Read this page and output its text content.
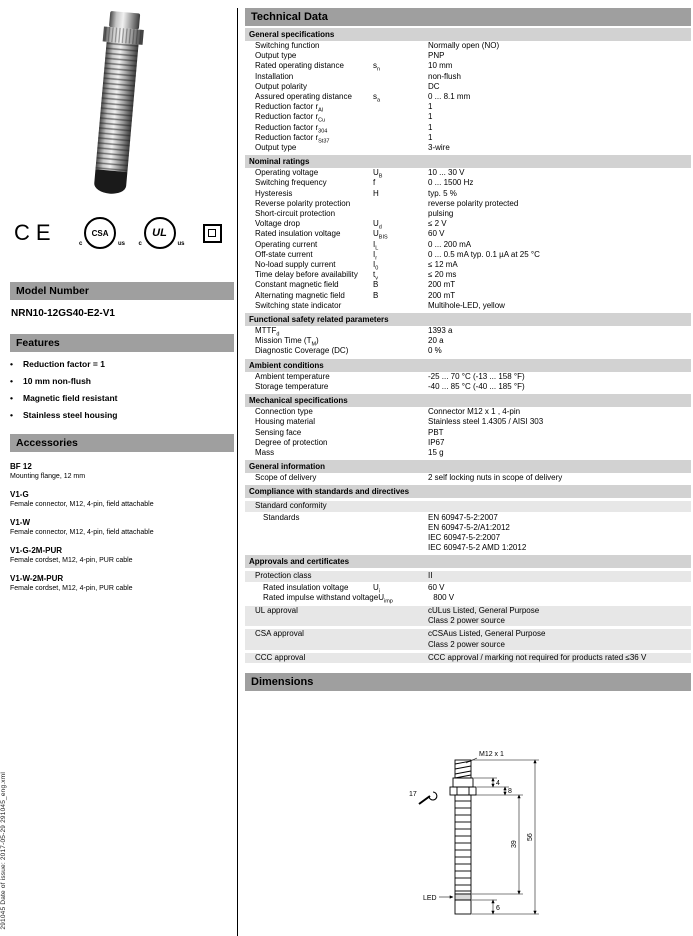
291045 Date of issue: 2017-05-29 291045_eng.xml
CE	CSA
c	us
UL
c	us
Model Number
NRN10-12GS40-E2-V1
Features
•	Reduction factor = 1
•	10 mm non-flush
•	Magnetic field resistant
•	Stainless steel housing
Accessories
BF 12
Mounting flange, 12 mm
V1-G
Female connector, M12, 4-pin, field attachable
V1-W
Female connector, M12, 4-pin, field attachable
V1-G-2M-PUR
Female cordset, M12, 4-pin, PUR cable
V1-W-2M-PUR
Female cordset, M12, 4-pin, PUR cable
Technical Data
General specifications
Switching function	Normally open (NO)
Output type	PNP
Rated operating distance	$s_n$	10 mm
Installation	non-flush
Output polarity	DC
Assured operating distance	$s_a$	0 ... 8.1 mm
Reduction factor $r_{Al}$	1
Reduction factor $r_{Cu}$	1
Reduction factor $r_{304}$	1
Reduction factor $r_{St37}$	1
Output type	3-wire
Nominal ratings
Operating voltage	$U_B$	10 ... 30 V
Switching frequency	f	0 ... 1500 Hz
Hysteresis	H	typ. 5 %
Reverse polarity protection	reverse polarity protected
Short-circuit protection	pulsing
Voltage drop	$U_d$	≤ 2 V
Rated insulation voltage	$U_{BIS}$	60 V
Operating current	$I_L$	0 ... 200 mA
Off-state current	$I_r$	0 ... 0.5 mA typ. 0.1 µA at 25 °C
No-load supply current	$I_0$	≤ 12 mA
Time delay before availability	$t_v$	≤ 20 ms
Constant magnetic field	B	200 mT
Alternating magnetic field	B	200 mT
Switching state indicator	Multihole-LED, yellow
Functional safety related parameters
$MTTF_d$	1393 a
Mission Time $(T_M)$	20 a
Diagnostic Coverage (DC)	0 %
Ambient conditions
Ambient temperature	-25 ... 70 °C (-13 ... 158 °F)
Storage temperature	-40 ... 85 °C (-40 ... 185 °F)
Mechanical specifications
Connection type	Connector M12 x 1 , 4-pin
Housing material	Stainless steel 1.4305 / AISI 303
Sensing face	PBT
Degree of protection	IP67
Mass	15 g
General information
Scope of delivery	2 self locking nuts in scope of delivery
Compliance with standards and directives
Standard conformity
Standards	EN 60947-5-2:2007
EN 60947-5-2/A1:2012
IEC 60947-5-2:2007
IEC 60947-5-2 AMD 1:2012
Approvals and certificates
Protection class	II
Rated insulation voltage	$U_i$	60 V
Rated impulse withstand voltage $U_{imp}$	800 V
UL approval	cULus Listed, General Purpose
Class 2 power source
CSA approval	cCSAus Listed, General Purpose
Class 2 power source
CCC approval	CCC approval / marking not required for products rated ≤36 V
Dimensions
M12 x 1
4
8
39
56
6
17
LED
